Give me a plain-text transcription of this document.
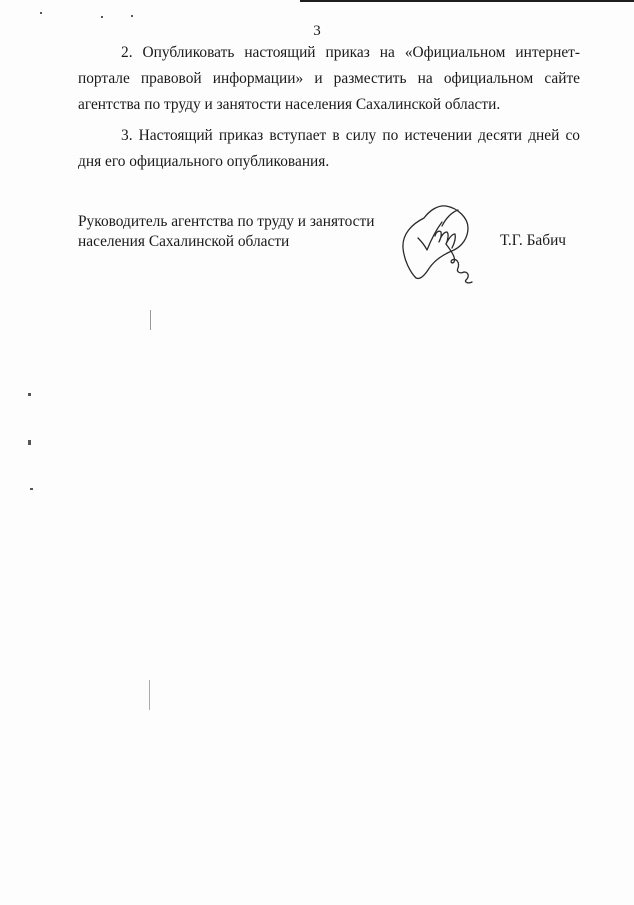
3

2. Опубликовать настоящий приказ на «Официальном интернет-портале правовой информации» и разместить на официальном сайте агентства по труду и занятости населения Сахалинской области.

3. Настоящий приказ вступает в силу по истечении десяти дней со дня его официального опубликования.

Руководитель агентства по труду и занятости
населения Сахалинской области	Т.Г. Бабич
